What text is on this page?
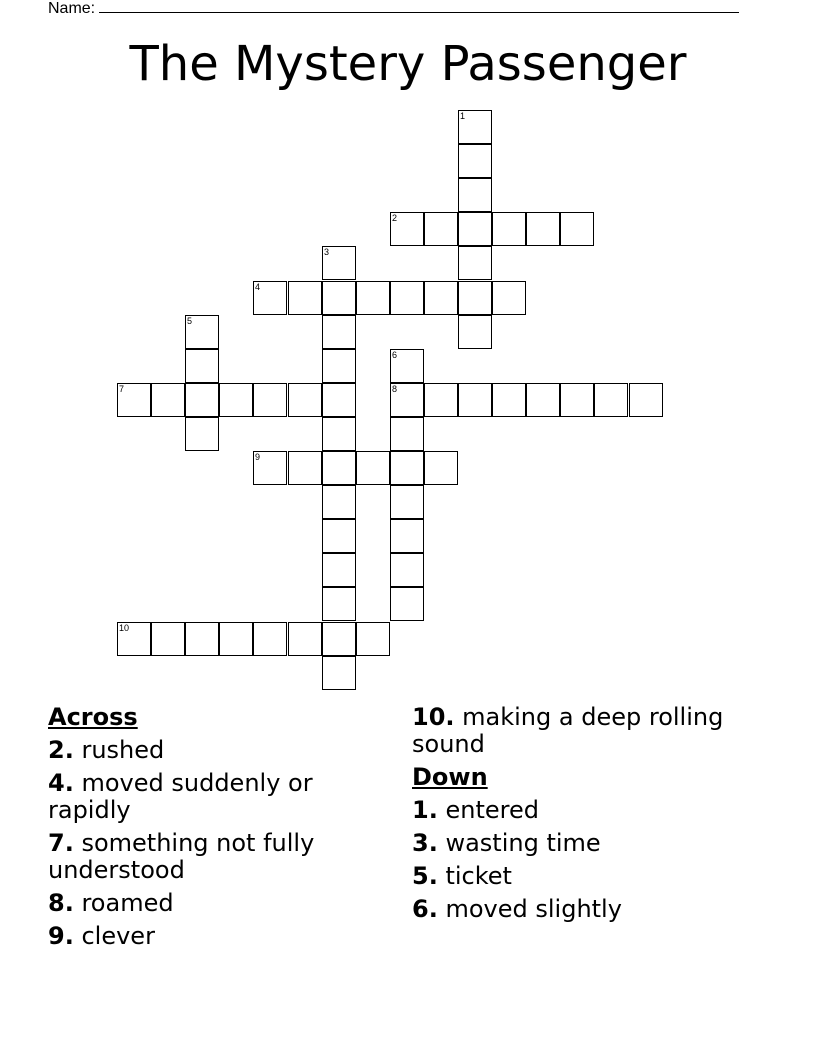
Name:
The Mystery Passenger
1
2
3
4
5
6
7	8
9
10
Across
2. rushed
4. moved suddenly or rapidly
7. something not fully understood
8. roamed
9. clever
10. making a deep rolling sound
Down
1. entered
3. wasting time
5. ticket
6. moved slightly
